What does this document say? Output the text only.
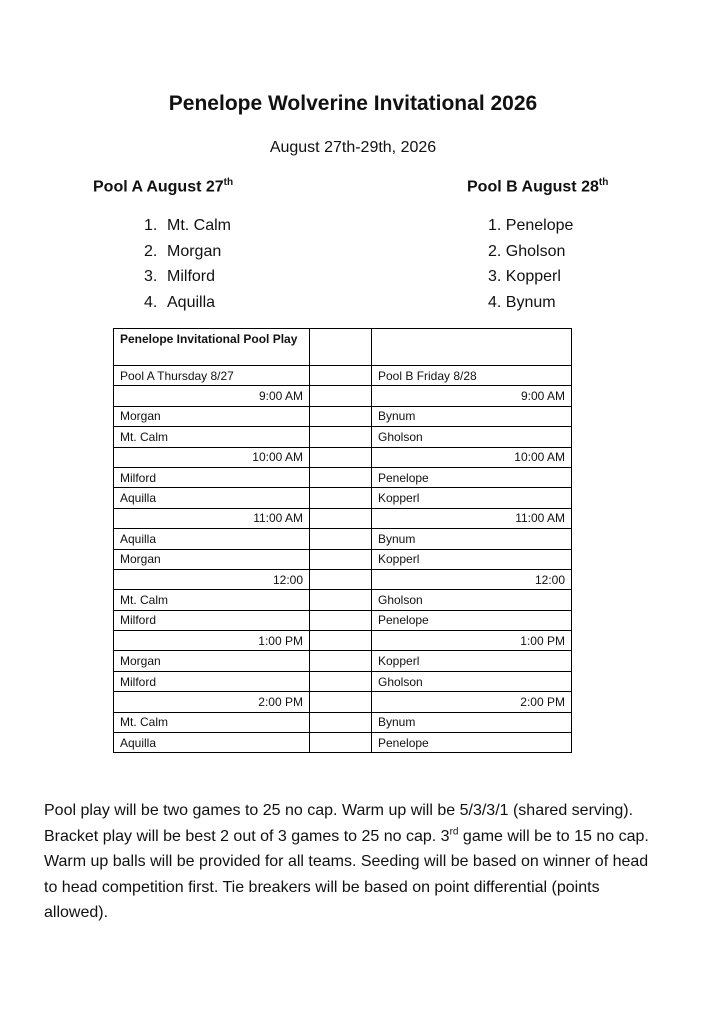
Penelope Wolverine Invitational 2026
August 27th-29th, 2026
Pool A August 27th	Pool B August 28th
1. Mt. Calm
2. Morgan
3. Milford
4. Aquilla
1. Penelope
2. Gholson
3. Kopperl
4. Bynum
Penelope Invitational Pool Play		
Pool A Thursday 8/27		Pool B Friday 8/28
9:00 AM		9:00 AM
Morgan		Bynum
Mt. Calm		Gholson
10:00 AM		10:00 AM
Milford		Penelope
Aquilla		Kopperl
11:00 AM		11:00 AM
Aquilla		Bynum
Morgan		Kopperl
12:00		12:00
Mt. Calm		Gholson
Milford		Penelope
1:00 PM		1:00 PM
Morgan		Kopperl
Milford		Gholson
2:00 PM		2:00 PM
Mt. Calm		Bynum
Aquilla		Penelope
Pool play will be two games to 25 no cap. Warm up will be 5/3/3/1 (shared serving). Bracket play will be best 2 out of 3 games to 25 no cap. 3rd game will be to 15 no cap. Warm up balls will be provided for all teams. Seeding will be based on winner of head to head competition first. Tie breakers will be based on point differential (points allowed).
